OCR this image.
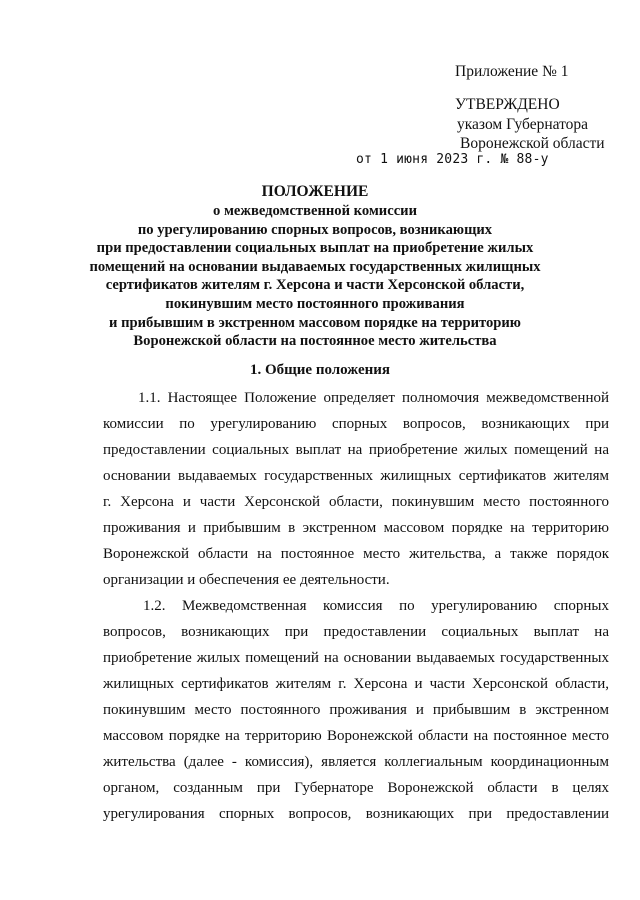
Приложение № 1
УТВЕРЖДЕНО
указом Губернатора
Воронежской области
от 1 июня 2023 г. № 88-у
ПОЛОЖЕНИЕ
о межведомственной комиссии
по урегулированию спорных вопросов, возникающих
при предоставлении социальных выплат на приобретение жилых
помещений на основании выдаваемых государственных жилищных
сертификатов жителям г. Херсона и части Херсонской области,
покинувшим место постоянного проживания
и прибывшим в экстренном массовом порядке на территорию
Воронежской области на постоянное место жительства
1. Общие положения
1.1. Настоящее Положение определяет полномочия межведомственной
комиссии по урегулированию спорных вопросов, возникающих при
предоставлении социальных выплат на приобретение жилых помещений на
основании выдаваемых государственных жилищных сертификатов жителям
г. Херсона и части Херсонской области, покинувшим место постоянного
проживания и прибывшим в экстренном массовом порядке на территорию
Воронежской области на постоянное место жительства, а также порядок
организации и обеспечения ее деятельности.
1.2. Межведомственная комиссия по урегулированию спорных
вопросов, возникающих при предоставлении социальных выплат на
приобретение жилых помещений на основании выдаваемых государственных
жилищных сертификатов жителям г. Херсона и части Херсонской области,
покинувшим место постоянного проживания и прибывшим в экстренном
массовом порядке на территорию Воронежской области на постоянное место
жительства (далее - комиссия), является коллегиальным координационным
органом, созданным при Губернаторе Воронежской области в целях
урегулирования спорных вопросов, возникающих при предоставлении
